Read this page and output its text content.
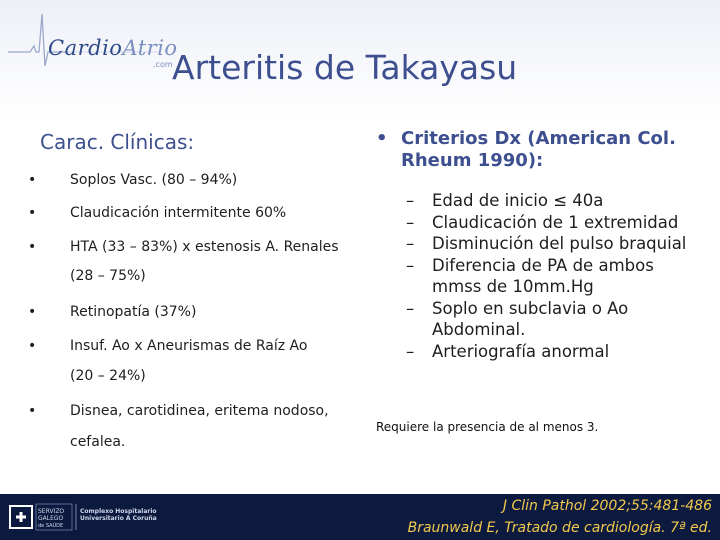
CardioAtrio
.com Arteritis de Takayasu
Carac. Clínicas:
• Soplos Vasc. (80 – 94%)
• Claudicación intermitente 60%
• HTA (33 – 83%) x estenosis A. Renales
(28 – 75%)
• Retinopatía (37%)
• Insuf. Ao x Aneurismas de Raíz Ao
(20 – 24%)
• Disnea, carotidinea, eritema nodoso,
cefalea.
• Criterios Dx (American Col. Rheum 1990):
– Edad de inicio ≤ 40a
– Claudicación de 1 extremidad
– Disminución del pulso braquial
– Diferencia de PA de ambos mmss de 10mm.Hg
– Soplo en subclavia o Ao Abdominal.
– Arteriografía anormal
Requiere la presencia de al menos 3.
SERVIZO
GALEGO
de SAÚDE
Complexo Hospitalario
Universitario A Coruña
J Clin Pathol 2002;55:481-486
Braunwald E, Tratado de cardiología. 7ª ed.
